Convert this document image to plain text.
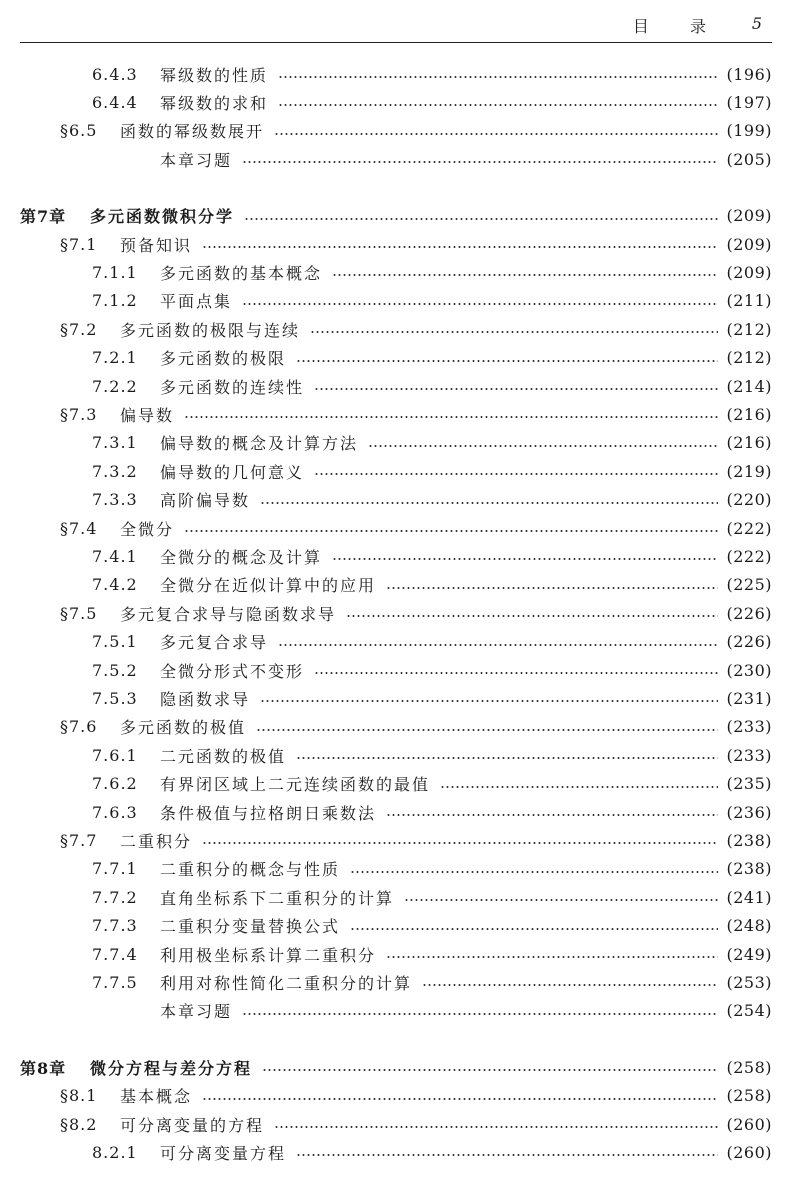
目 录 5
6.4.3	幂级数的性质	(196)
6.4.4	幂级数的求和	(197)
§6.5	函数的幂级数展开	(199)
本章习题	(205)
第7章	多元函数微积分学	(209)
§7.1	预备知识	(209)
7.1.1	多元函数的基本概念	(209)
7.1.2	平面点集	(211)
§7.2	多元函数的极限与连续	(212)
7.2.1	多元函数的极限	(212)
7.2.2	多元函数的连续性	(214)
§7.3	偏导数	(216)
7.3.1	偏导数的概念及计算方法	(216)
7.3.2	偏导数的几何意义	(219)
7.3.3	高阶偏导数	(220)
§7.4	全微分	(222)
7.4.1	全微分的概念及计算	(222)
7.4.2	全微分在近似计算中的应用	(225)
§7.5	多元复合求导与隐函数求导	(226)
7.5.1	多元复合求导	(226)
7.5.2	全微分形式不变形	(230)
7.5.3	隐函数求导	(231)
§7.6	多元函数的极值	(233)
7.6.1	二元函数的极值	(233)
7.6.2	有界闭区域上二元连续函数的最值	(235)
7.6.3	条件极值与拉格朗日乘数法	(236)
§7.7	二重积分	(238)
7.7.1	二重积分的概念与性质	(238)
7.7.2	直角坐标系下二重积分的计算	(241)
7.7.3	二重积分变量替换公式	(248)
7.7.4	利用极坐标系计算二重积分	(249)
7.7.5	利用对称性简化二重积分的计算	(253)
本章习题	(254)
第8章	微分方程与差分方程	(258)
§8.1	基本概念	(258)
§8.2	可分离变量的方程	(260)
8.2.1	可分离变量方程	(260)
